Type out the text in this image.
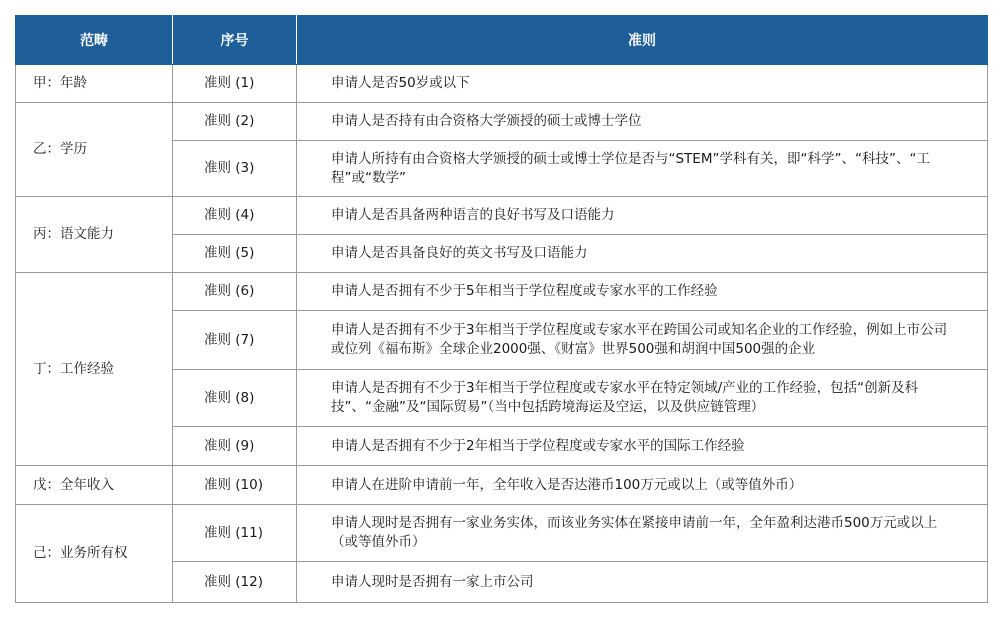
范畴	序号	准则
甲：年龄	准则 (1)	申请人是否50岁或以下
乙：学历	准则 (2)	申请人是否持有由合资格大学颁授的硕士或博士学位
	准则 (3)	申请人所持有由合资格大学颁授的硕士或博士学位是否与“STEM”学科有关，即“科学”、“科技”、“工程”或“数学”
丙：语文能力	准则 (4)	申请人是否具备两种语言的良好书写及口语能力
	准则 (5)	申请人是否具备良好的英文书写及口语能力
丁：工作经验	准则 (6)	申请人是否拥有不少于5年相当于学位程度或专家水平的工作经验
	准则 (7)	申请人是否拥有不少于3年相当于学位程度或专家水平在跨国公司或知名企业的工作经验，例如上市公司或位列《福布斯》全球企业2000强、《财富》世界500强和胡润中国500强的企业
	准则 (8)	申请人是否拥有不少于3年相当于学位程度或专家水平在特定领域/产业的工作经验，包括“创新及科技”、“金融”及“国际贸易”（当中包括跨境海运及空运，以及供应链管理）
	准则 (9)	申请人是否拥有不少于2年相当于学位程度或专家水平的国际工作经验
戊：全年收入	准则 (10)	申请人在进阶申请前一年，全年收入是否达港币100万元或以上（或等值外币）
己：业务所有权	准则 (11)	申请人现时是否拥有一家业务实体，而该业务实体在紧接申请前一年，全年盈利达港币500万元或以上（或等值外币）
	准则 (12)	申请人现时是否拥有一家上市公司
